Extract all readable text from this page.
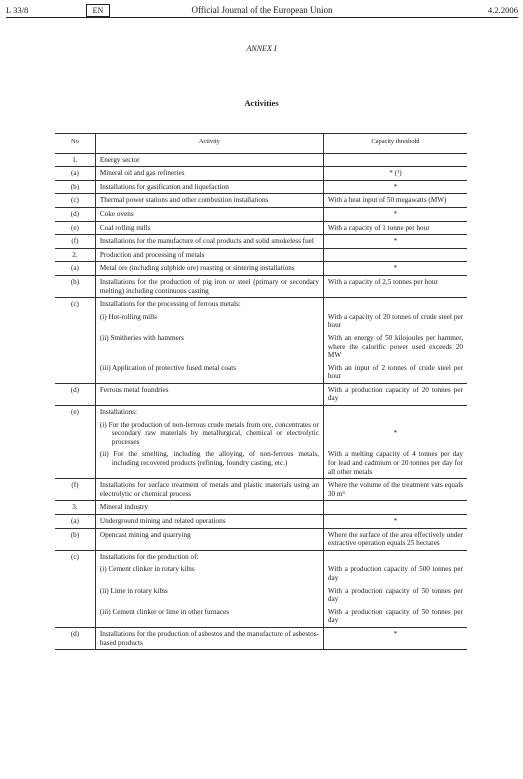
L 33/8	EN	Official Journal of the European Union	4.2.2006
ANNEX I
Activities
No	Activity	Capacity threshold
1.	Energy sector	
(a)	Mineral oil and gas refineries	* (¹)
(b)	Installations for gasification and liquefaction	*
(c)	Thermal power stations and other combustion installations	With a heat input of 50 megawatts (MW)
(d)	Coke ovens	*
(e)	Coal rolling mills	With a capacity of 1 tonne per hour
(f)	Installations for the manufacture of coal products and solid smokeless fuel	*
2.	Production and processing of metals	
(a)	Metal ore (including sulphide ore) roasting or sintering installations	*
(b)	Installations for the production of pig iron or steel (primary or secondary melting) including continuous casting	With a capacity of 2,5 tonnes per hour
(c)	Installations for the processing of ferrous metals:	
	(i) Hot-rolling mills	With a capacity of 20 tonnes of crude steel per hour
	(ii) Smitheries with hammers	With an energy of 50 kilojoules per hammer, where the calorific power used exceeds 20 MW
	(iii) Application of protective fused metal coats	With an input of 2 tonnes of crude steel per hour
(d)	Ferrous metal foundries	With a production capacity of 20 tonnes per day
(e)	Installations:	
	(i) For the production of non-ferrous crude metals from ore, concentrates or secondary raw materials by metallurgical, chemical or electrolytic processes	*
	(ii) For the smelting, including the alloying, of non-ferrous metals, including recovered products (refining, foundry casting, etc.)	With a melting capacity of 4 tonnes per day for lead and cadmium or 20 tonnes per day for all other metals
(f)	Installations for surface treatment of metals and plastic materials using an electrolytic or chemical process	Where the volume of the treatment vats equals 30 m³
3.	Mineral industry	
(a)	Underground mining and related operations	*
(b)	Opencast mining and quarrying	Where the surface of the area effectively under extractive operation equals 25 hectares
(c)	Installations for the production of:	
	(i) Cement clinker in rotary kilns	With a production capacity of 500 tonnes per day
	(ii) Lime in rotary kilns	With a production capacity of 50 tonnes per day
	(iii) Cement clinker or lime in other furnaces	With a production capacity of 50 tonnes per day
(d)	Installations for the production of asbestos and the manufacture of asbestos-based products	*
